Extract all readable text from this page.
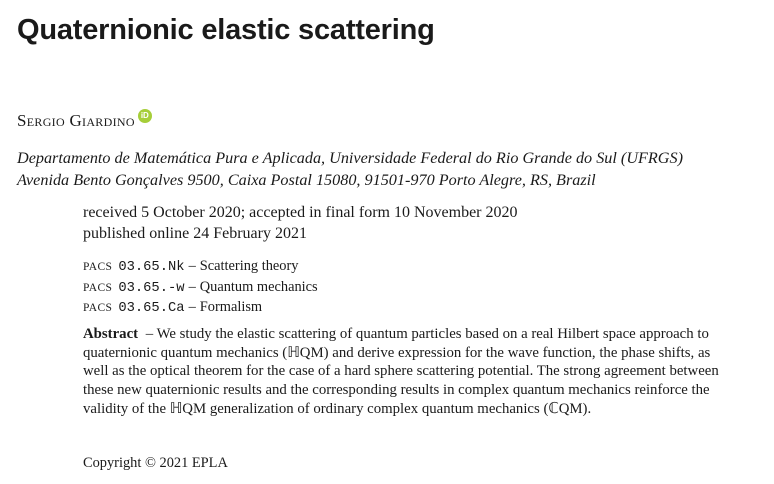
Quaternionic elastic scattering
Sergio Giardino iD
Departamento de Matemática Pura e Aplicada, Universidade Federal do Rio Grande do Sul (UFRGS)
Avenida Bento Gonçalves 9500, Caixa Postal 15080, 91501-970 Porto Alegre, RS, Brazil
received 5 October 2020; accepted in final form 10 November 2020
published online 24 February 2021
PACS 03.65.Nk – Scattering theory
PACS 03.65.-w – Quantum mechanics
PACS 03.65.Ca – Formalism
Abstract – We study the elastic scattering of quantum particles based on a real Hilbert space approach to quaternionic quantum mechanics (ℍQM) and derive expression for the wave function, the phase shifts, as well as the optical theorem for the case of a hard sphere scattering potential. The strong agreement between these new quaternionic results and the corresponding results in complex quantum mechanics reinforce the validity of the ℍQM generalization of ordinary complex quantum mechanics (ℂQM).
Copyright © 2021 EPLA
